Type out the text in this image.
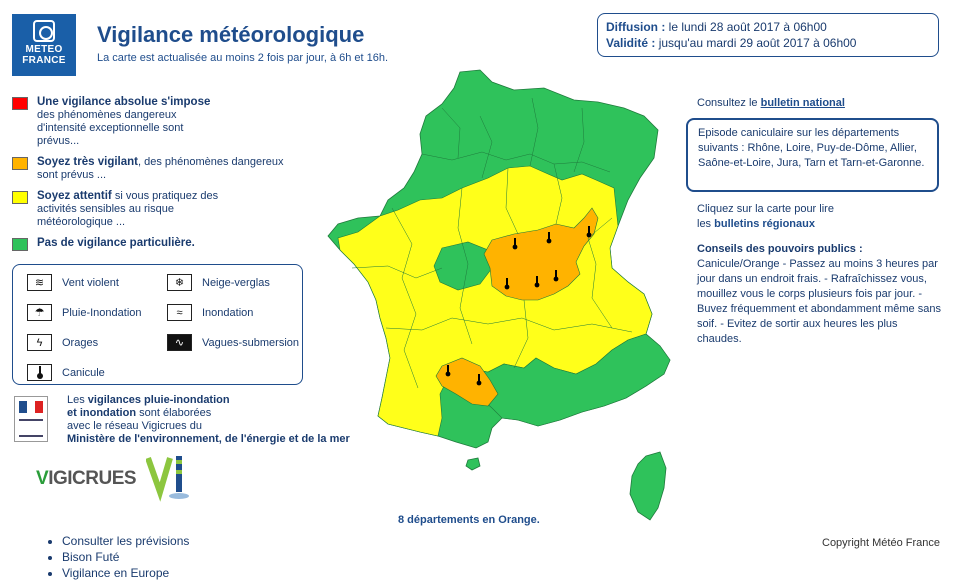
METEO
FRANCE
Vigilance météorologique
La carte est actualisée au moins 2 fois par jour, à 6h et 16h.
Diffusion : le lundi 28 août 2017 à 06h00
Validité : jusqu'au mardi 29 août 2017 à 06h00
Une vigilance absolue s'impose
des phénomènes dangereux d'intensité exceptionnelle sont prévus...
Soyez très vigilant, des phénomènes dangereux sont prévus ...
Soyez attentif si vous pratiquez des activités sensibles au risque météorologique ...
Pas de vigilance particulière.
≋	Vent violent	❄	Neige-verglas
☂	Pluie-Inondation	≈	Inondation
ϟ	Orages	∿	Vagues-submersion
Canicule
Les vigilances pluie-inondation
et inondation sont élaborées
avec le réseau Vigicrues du
Ministère de l'environnement, de l'énergie et de la mer
VIGICRUES
• Consulter les prévisions
• Bison Futé
• Vigilance en Europe
8 départements en Orange.
Consultez le bulletin national
Episode caniculaire sur les départements suivants : Rhône, Loire, Puy-de-Dôme, Allier, Saône-et-Loire, Jura, Tarn et Tarn-et-Garonne.
Cliquez sur la carte pour lire
les bulletins régionaux
Conseils des pouvoirs publics :
Canicule/Orange - Passez au moins 3 heures par jour dans un endroit frais. - Rafraîchissez vous, mouillez vous le corps plusieurs fois par jour. - Buvez fréquemment et abondamment même sans soif. - Evitez de sortir aux heures les plus chaudes.
Copyright Météo France
